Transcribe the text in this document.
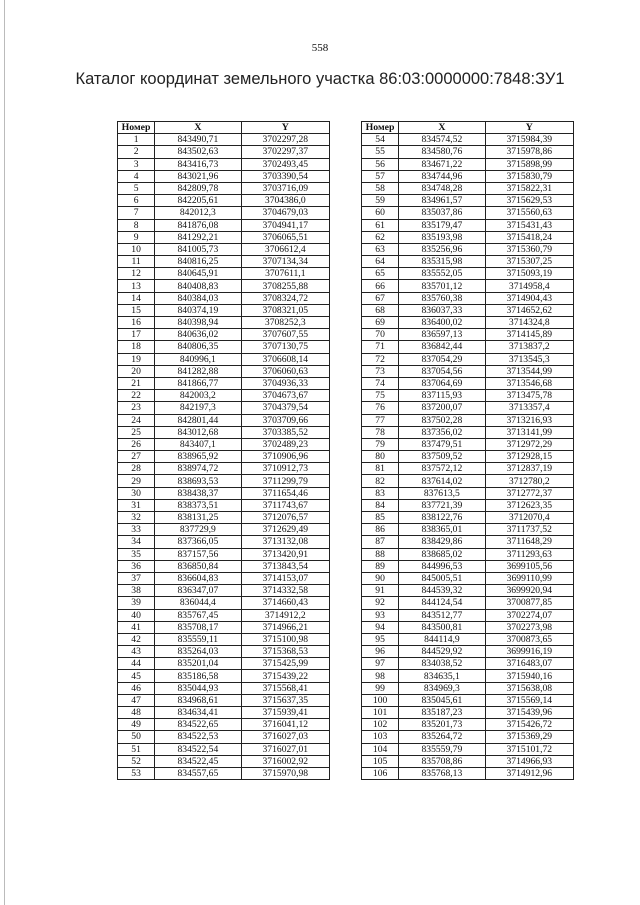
558
Каталог координат земельного участка 86:03:0000000:7848:ЗУ1
Номер	X	Y
1	843490,71	3702297,28
2	843502,63	3702297,37
3	843416,73	3702493,45
4	843021,96	3703390,54
5	842809,78	3703716,09
6	842205,61	3704386,0
7	842012,3	3704679,03
8	841876,08	3704941,17
9	841292,21	3706065,51
10	841005,73	3706612,4
11	840816,25	3707134,34
12	840645,91	3707611,1
13	840408,83	3708255,88
14	840384,03	3708324,72
15	840374,19	3708321,05
16	840398,94	3708252,3
17	840636,02	3707607,55
18	840806,35	3707130,75
19	840996,1	3706608,14
20	841282,88	3706060,63
21	841866,77	3704936,33
22	842003,2	3704673,67
23	842197,3	3704379,54
24	842801,44	3703709,66
25	843012,68	3703385,52
26	843407,1	3702489,23
27	838965,92	3710906,96
28	838974,72	3710912,73
29	838693,53	3711299,79
30	838438,37	3711654,46
31	838373,51	3711743,67
32	838131,25	3712076,57
33	837729,9	3712629,49
34	837366,05	3713132,08
35	837157,56	3713420,91
36	836850,84	3713843,54
37	836604,83	3714153,07
38	836347,07	3714332,58
39	836044,4	3714660,43
40	835767,45	3714912,2
41	835708,17	3714966,21
42	835559,11	3715100,98
43	835264,03	3715368,53
44	835201,04	3715425,99
45	835186,58	3715439,22
46	835044,93	3715568,41
47	834968,61	3715637,35
48	834634,41	3715939,41
49	834522,65	3716041,12
50	834522,53	3716027,03
51	834522,54	3716027,01
52	834522,45	3716002,92
53	834557,65	3715970,98
Номер	X	Y
54	834574,52	3715984,39
55	834580,76	3715978,86
56	834671,22	3715898,99
57	834744,96	3715830,79
58	834748,28	3715822,31
59	834961,57	3715629,53
60	835037,86	3715560,63
61	835179,47	3715431,43
62	835193,98	3715418,24
63	835256,96	3715360,79
64	835315,98	3715307,25
65	835552,05	3715093,19
66	835701,12	3714958,4
67	835760,38	3714904,43
68	836037,33	3714652,62
69	836400,02	3714324,8
70	836597,13	3714145,89
71	836842,44	3713837,2
72	837054,29	3713545,3
73	837054,56	3713544,99
74	837064,69	3713546,68
75	837115,93	3713475,78
76	837200,07	3713357,4
77	837502,28	3713216,93
78	837356,02	3713141,99
79	837479,51	3712972,29
80	837509,52	3712928,15
81	837572,12	3712837,19
82	837614,02	3712780,2
83	837613,5	3712772,37
84	837721,39	3712623,35
85	838122,76	3712070,4
86	838365,01	3711737,52
87	838429,86	3711648,29
88	838685,02	3711293,63
89	844996,53	3699105,56
90	845005,51	3699110,99
91	844539,32	3699920,94
92	844124,54	3700877,85
93	843512,77	3702274,07
94	843500,81	3702273,98
95	844114,9	3700873,65
96	844529,92	3699916,19
97	834038,52	3716483,07
98	834635,1	3715940,16
99	834969,3	3715638,08
100	835045,61	3715569,14
101	835187,23	3715439,96
102	835201,73	3715426,72
103	835264,72	3715369,29
104	835559,79	3715101,72
105	835708,86	3714966,93
106	835768,13	3714912,96
